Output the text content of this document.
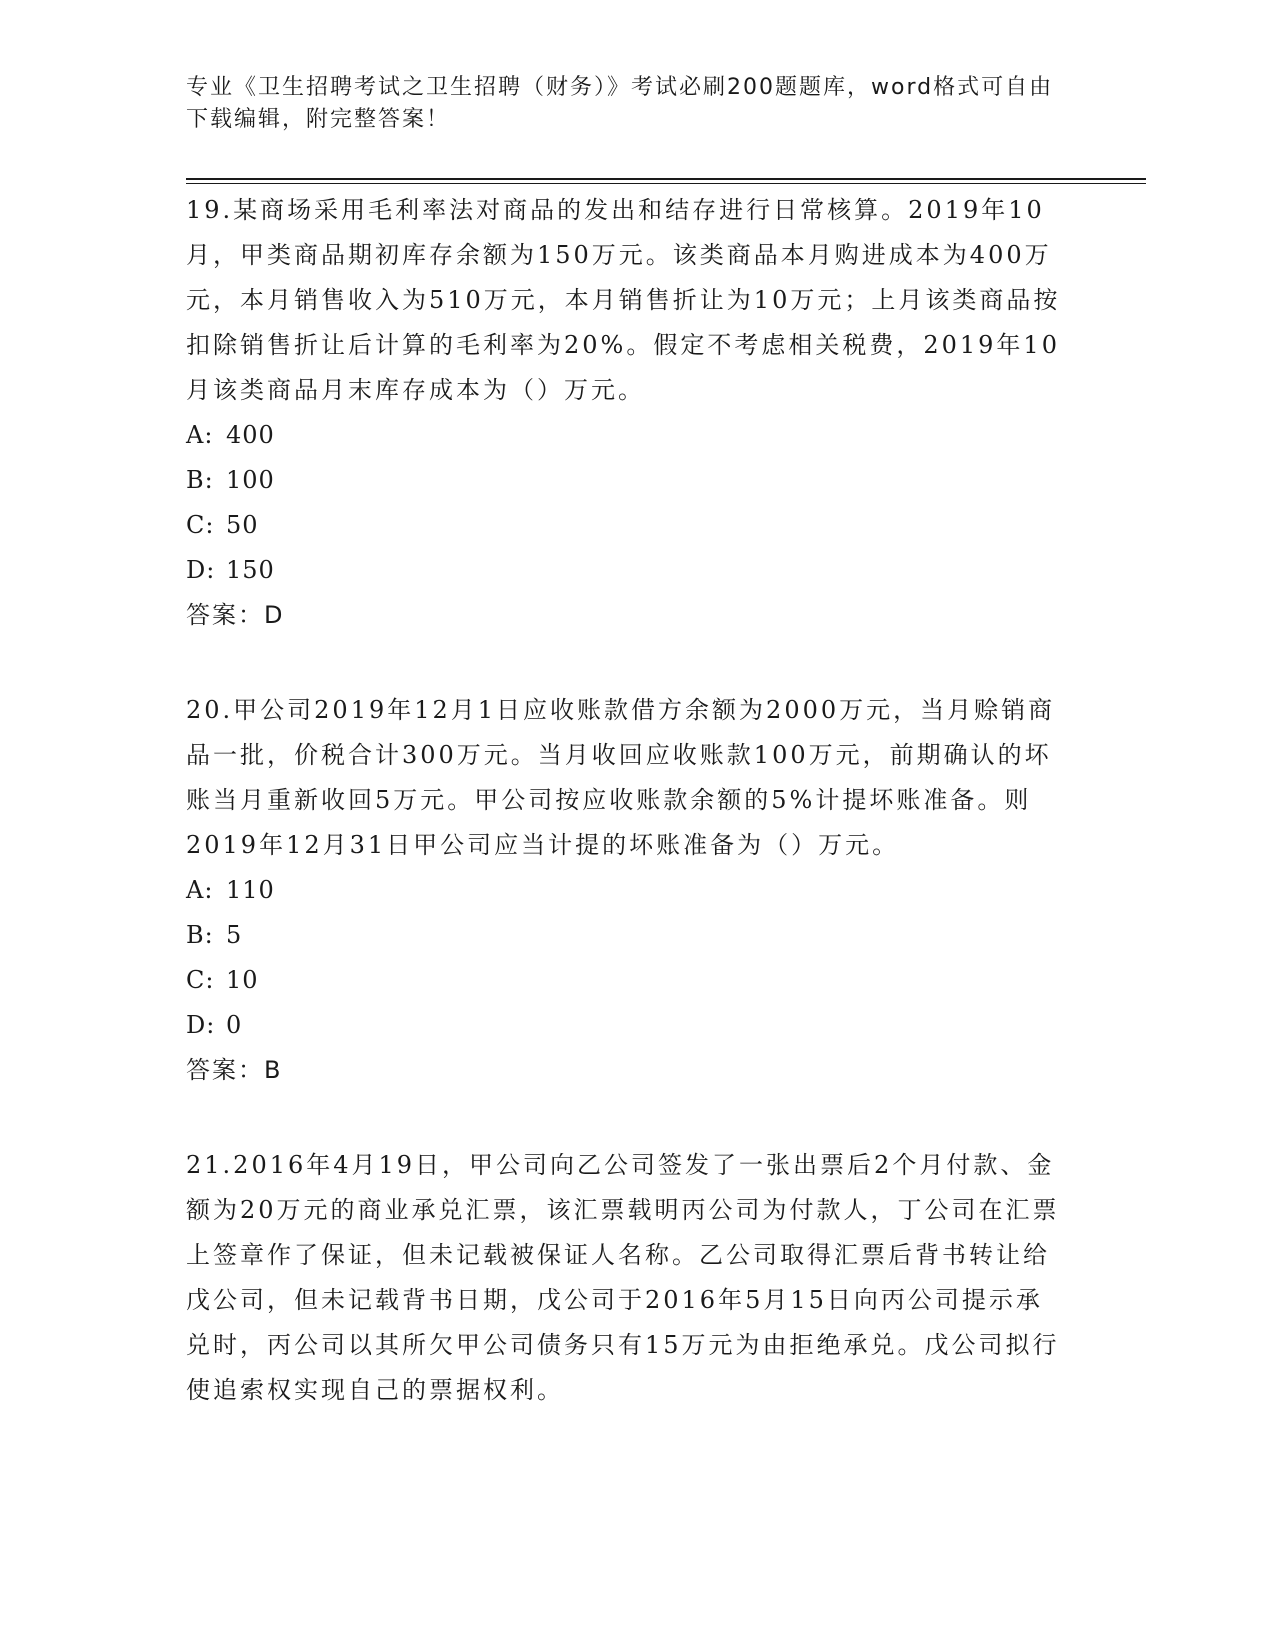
专业《卫生招聘考试之卫生招聘（财务）》考试必刷200题题库，word格式可自由下载编辑，附完整答案！

19.某商场采用毛利率法对商品的发出和结存进行日常核算。2019年10月，甲类商品期初库存余额为150万元。该类商品本月购进成本为400万元，本月销售收入为510万元，本月销售折让为10万元；上月该类商品按扣除销售折让后计算的毛利率为20%。假定不考虑相关税费，2019年10月该类商品月末库存成本为（）万元。

A: 400

B: 100

C: 50

D: 150

答案：D

20.甲公司2019年12月1日应收账款借方余额为2000万元，当月赊销商品一批，价税合计300万元。当月收回应收账款100万元，前期确认的坏账当月重新收回5万元。甲公司按应收账款余额的5%计提坏账准备。则2019年12月31日甲公司应当计提的坏账准备为（）万元。

A: 110

B: 5

C: 10

D: 0

答案：B

21.2016年4月19日，甲公司向乙公司签发了一张出票后2个月付款、金额为20万元的商业承兑汇票，该汇票载明丙公司为付款人，丁公司在汇票上签章作了保证，但未记载被保证人名称。乙公司取得汇票后背书转让给戊公司，但未记载背书日期，戊公司于2016年5月15日向丙公司提示承兑时，丙公司以其所欠甲公司债务只有15万元为由拒绝承兑。戊公司拟行使追索权实现自己的票据权利。
